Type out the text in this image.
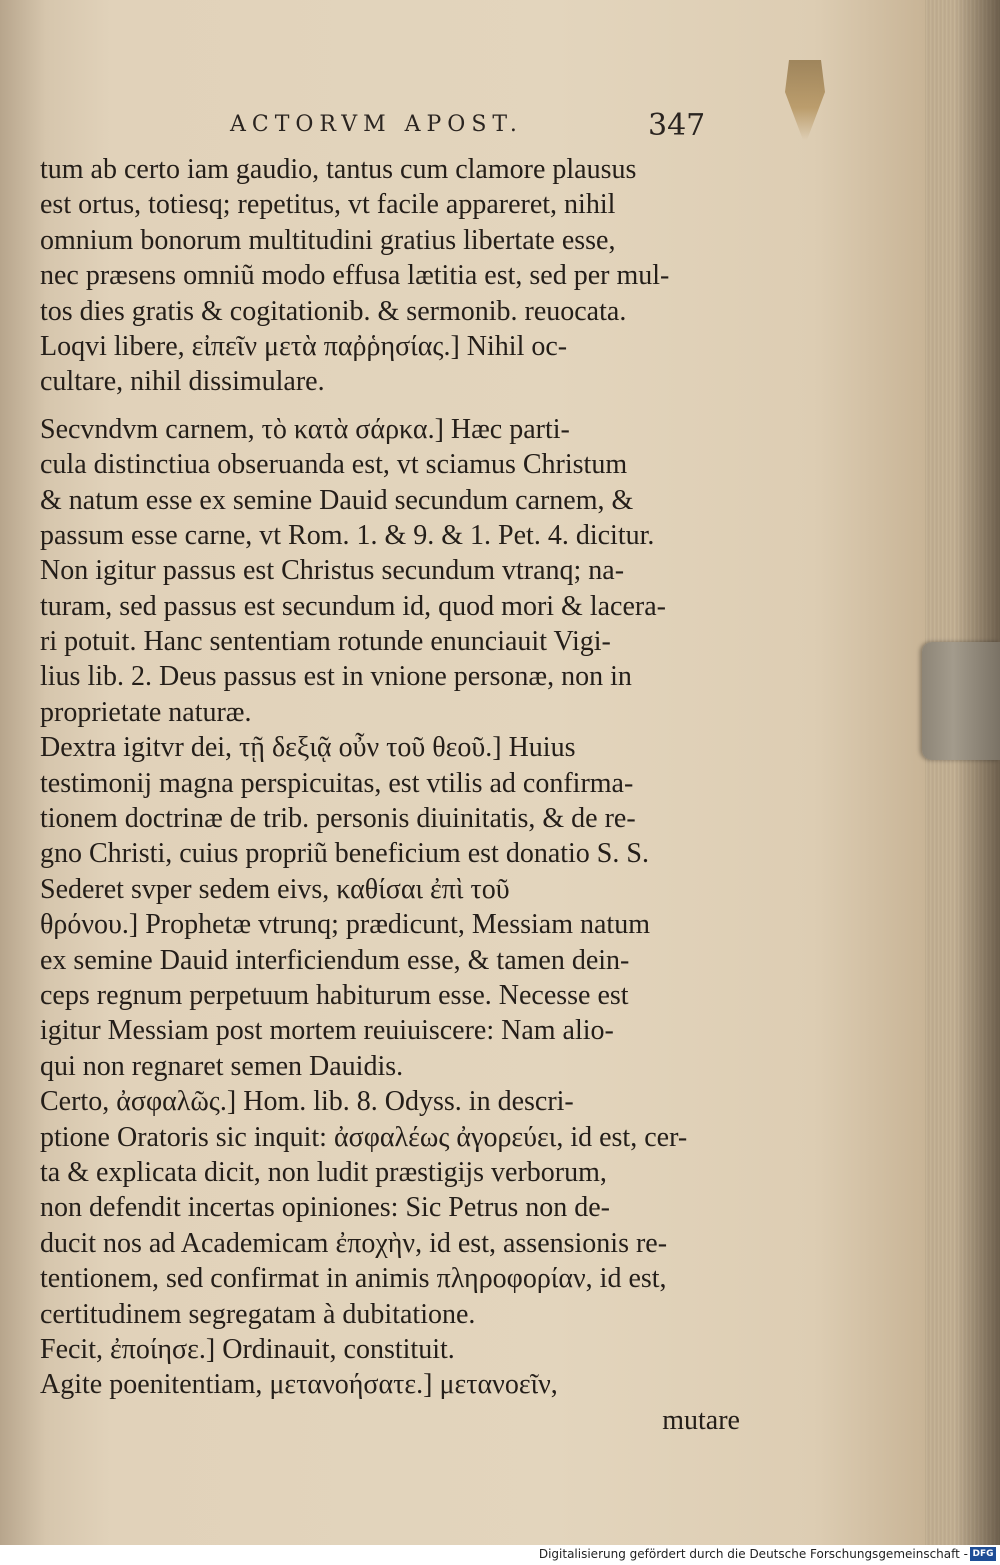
ACTORVM APOST.	347
tum ab certo iam gaudio, tantus cum clamore plausus
est ortus, totiesq; repetitus, vt facile appareret, nihil
omnium bonorum multitudini gratius libertate esse,
nec præsens omniũ modo effusa lætitia est, sed per mul-
tos dies gratis & cogitationib. & sermonib. reuocata.
Loqvi libere, εἰπεῖν μετὰ παῤῥησίας.] Nihil oc-
cultare, nihil dissimulare.
Secvndvm carnem, τὸ κατὰ σάρκα.] Hæc parti-
cula distinctiua obseruanda est, vt sciamus Christum
& natum esse ex semine Dauid secundum carnem, &
passum esse carne, vt Rom. 1. & 9. & 1. Pet. 4. dicitur.
Non igitur passus est Christus secundum vtranq; na-
turam, sed passus est secundum id, quod mori & lacera-
ri potuit. Hanc sententiam rotunde enunciauit Vigi-
lius lib. 2. Deus passus est in vnione personæ, non in
proprietate naturæ.
Dextra igitvr dei, τῇ δεξιᾷ οὖν τοῦ θεοῦ.] Huius
testimonij magna perspicuitas, est vtilis ad confirma-
tionem doctrinæ de trib. personis diuinitatis, & de re-
gno Christi, cuius propriũ beneficium est donatio S. S.
Sederet svper sedem eivs, καθίσαι ἐπὶ τοῦ
θρόνου.] Prophetæ vtrunq; prædicunt, Messiam natum
ex semine Dauid interficiendum esse, & tamen dein-
ceps regnum perpetuum habiturum esse. Necesse est
igitur Messiam post mortem reuiuiscere: Nam alio-
qui non regnaret semen Dauidis.
Certo, ἀσφαλῶς.] Hom. lib. 8. Odyss. in descri-
ptione Oratoris sic inquit: ἀσφαλέως ἀγορεύει, id est, cer-
ta & explicata dicit, non ludit præstigijs verborum,
non defendit incertas opiniones: Sic Petrus non de-
ducit nos ad Academicam ἐποχὴν, id est, assensionis re-
tentionem, sed confirmat in animis πληροφορίαν, id est,
certitudinem segregatam à dubitatione.
Fecit, ἐποίησε.] Ordinauit, constituit.
Agite poenitentiam, μετανοήσατε.] μετανοεῖν,
mutare
Digitalisierung gefördert durch die Deutsche Forschungsgemeinschaft - DFG
